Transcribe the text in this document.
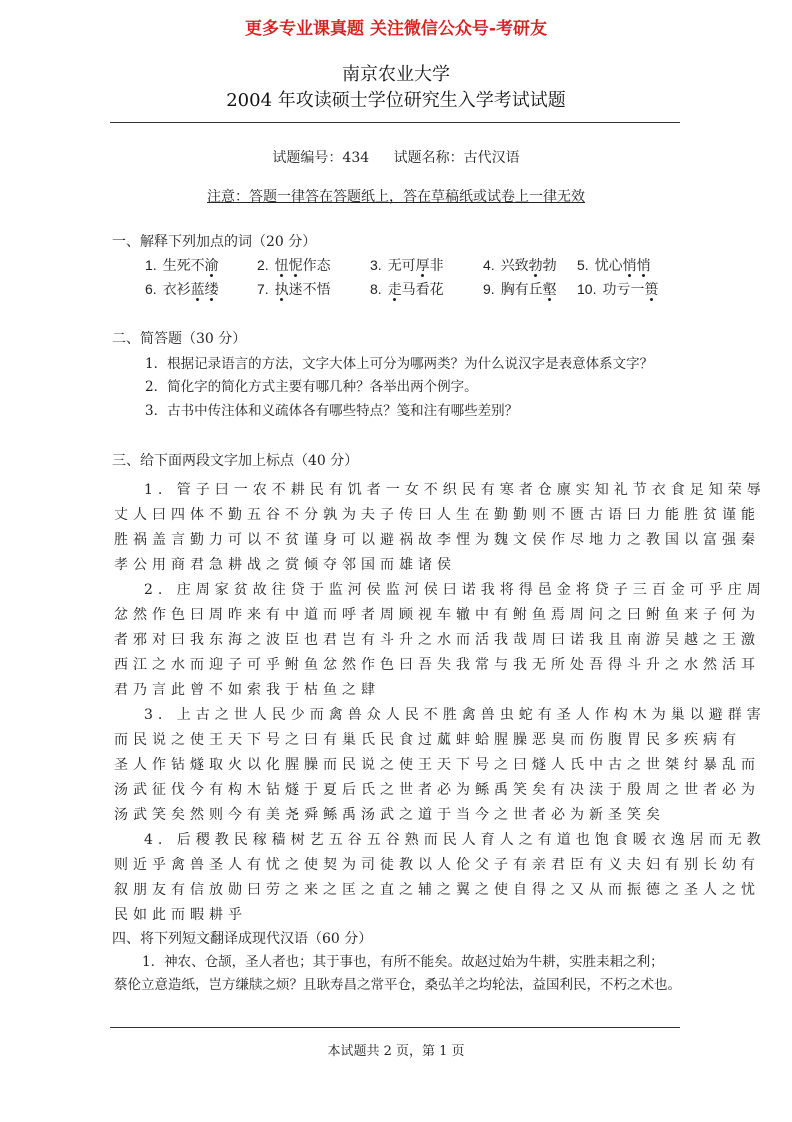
更多专业课真题 关注微信公众号-考研友
南京农业大学
2004 年攻读硕士学位研究生入学考试试题
试题编号：434 试题名称：古代汉语
注意：答题一律答在答题纸上，答在草稿纸或试卷上一律无效
一、解释下列加点的词（20 分）
1. 生死不渝	2. 忸怩作态	3. 无可厚非	4. 兴致勃勃 5. 忧心悄悄
6. 衣衫蓝缕	7. 执迷不悟	8. 走马看花	9. 胸有丘壑 10. 功亏一篑
二、简答题（30 分）
1．根据记录语言的方法，文字大体上可分为哪两类？为什么说汉字是表意体系文字？
2．简化字的简化方式主要有哪几种？各举出两个例字。
3．古书中传注体和义疏体各有哪些特点？笺和注有哪些差别？
三、给下面两段文字加上标点（40 分）
1. 管子曰一农不耕民有饥者一女不织民有寒者仓廪实知礼节衣食足知荣辱
丈人曰四体不勤五谷不分孰为夫子传曰人生在勤勤则不匮古语曰力能胜贫谨能
胜祸盖言勤力可以不贫谨身可以避祸故李悝为魏文侯作尽地力之教国以富强秦
孝公用商君急耕战之赏倾夺邻国而雄诸侯
2. 庄周家贫故往贷于监河侯监河侯曰诺我将得邑金将贷子三百金可乎庄周
忿然作色曰周昨来有中道而呼者周顾视车辙中有鲋鱼焉周问之曰鲋鱼来子何为
者邪对曰我东海之波臣也君岂有斗升之水而活我哉周曰诺我且南游吴越之王激
西江之水而迎子可乎鲋鱼忿然作色曰吾失我常与我无所处吾得斗升之水然活耳
君乃言此曾不如索我于枯鱼之肆
3. 上古之世人民少而禽兽众人民不胜禽兽虫蛇有圣人作构木为巢以避群害
而民说之使王天下号之曰有巢氏民食过蓏蚌蛤腥臊恶臭而伤腹胃民多疾病有
圣人作钻燧取火以化腥臊而民说之使王天下号之曰燧人氏中古之世桀纣暴乱而
汤武征伐今有构木钻燧于夏后氏之世者必为鲧禹笑矣有决渎于殷周之世者必为
汤武笑矣然则今有美尧舜鲧禹汤武之道于当今之世者必为新圣笑矣
4. 后稷教民稼穑树艺五谷五谷熟而民人育人之有道也饱食暖衣逸居而无教
则近乎禽兽圣人有忧之使契为司徒教以人伦父子有亲君臣有义夫妇有别长幼有
叙朋友有信放勋曰劳之来之匡之直之辅之翼之使自得之又从而振德之圣人之忧
民如此而暇耕乎
四、将下列短文翻译成现代汉语（60 分）
1．神农、仓颉，圣人者也；其于事也，有所不能矣。故赵过始为牛耕，实胜耒耜之利；
蔡伦立意造纸，岂方缣牍之烦？且耿寿昌之常平仓，桑弘羊之均轮法，益国利民，不朽之术也。
本试题共 2 页，第 1 页
